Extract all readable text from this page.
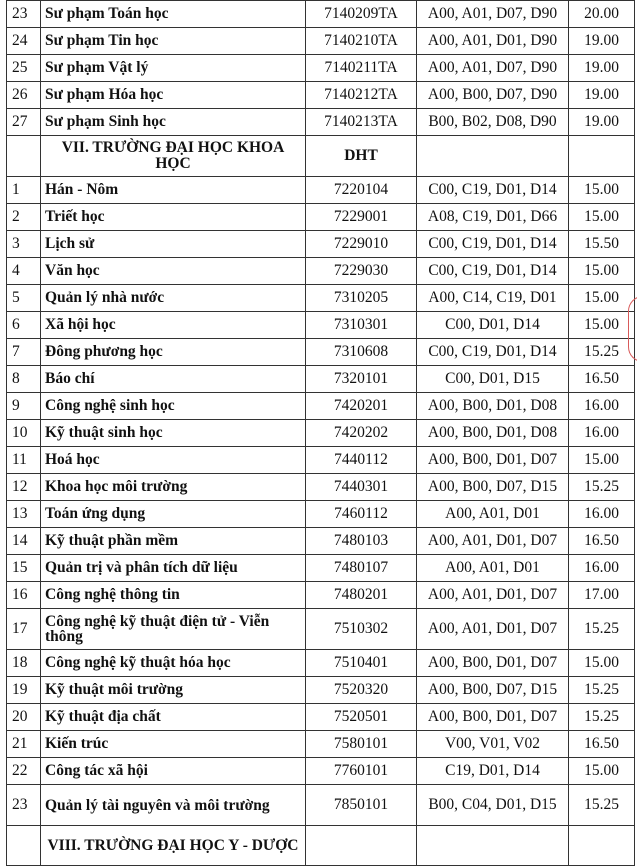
23	Sư phạm Toán học	7140209TA	A00, A01, D07, D90	20.00
24	Sư phạm Tin học	7140210TA	A00, A01, D01, D90	19.00
25	Sư phạm Vật lý	7140211TA	A00, A01, D07, D90	19.00
26	Sư phạm Hóa học	7140212TA	A00, B00, D07, D90	19.00
27	Sư phạm Sinh học	7140213TA	B00, B02, D08, D90	19.00
	VII. TRƯỜNG ĐẠI HỌC KHOA HỌC	DHT		
1	Hán - Nôm	7220104	C00, C19, D01, D14	15.00
2	Triết học	7229001	A08, C19, D01, D66	15.00
3	Lịch sử	7229010	C00, C19, D01, D14	15.50
4	Văn học	7229030	C00, C19, D01, D14	15.00
5	Quản lý nhà nước	7310205	A00, C14, C19, D01	15.00
6	Xã hội học	7310301	C00, D01, D14	15.00
7	Đông phương học	7310608	C00, C19, D01, D14	15.25
8	Báo chí	7320101	C00, D01, D15	16.50
9	Công nghệ sinh học	7420201	A00, B00, D01, D08	16.00
10	Kỹ thuật sinh học	7420202	A00, B00, D01, D08	16.00
11	Hoá học	7440112	A00, B00, D01, D07	15.00
12	Khoa học môi trường	7440301	A00, B00, D07, D15	15.25
13	Toán ứng dụng	7460112	A00, A01, D01	16.00
14	Kỹ thuật phần mềm	7480103	A00, A01, D01, D07	16.50
15	Quản trị và phân tích dữ liệu	7480107	A00, A01, D01	16.00
16	Công nghệ thông tin	7480201	A00, A01, D01, D07	17.00
17	Công nghệ kỹ thuật điện tử - Viễn thông	7510302	A00, A01, D01, D07	15.25
18	Công nghệ kỹ thuật hóa học	7510401	A00, B00, D01, D07	15.00
19	Kỹ thuật môi trường	7520320	A00, B00, D07, D15	15.25
20	Kỹ thuật địa chất	7520501	A00, B00, D01, D07	15.25
21	Kiến trúc	7580101	V00, V01, V02	16.50
22	Công tác xã hội	7760101	C19, D01, D14	15.00
23	Quản lý tài nguyên và môi trường	7850101	B00, C04, D01, D15	15.25
	VIII. TRƯỜNG ĐẠI HỌC Y - DƯỢC			
